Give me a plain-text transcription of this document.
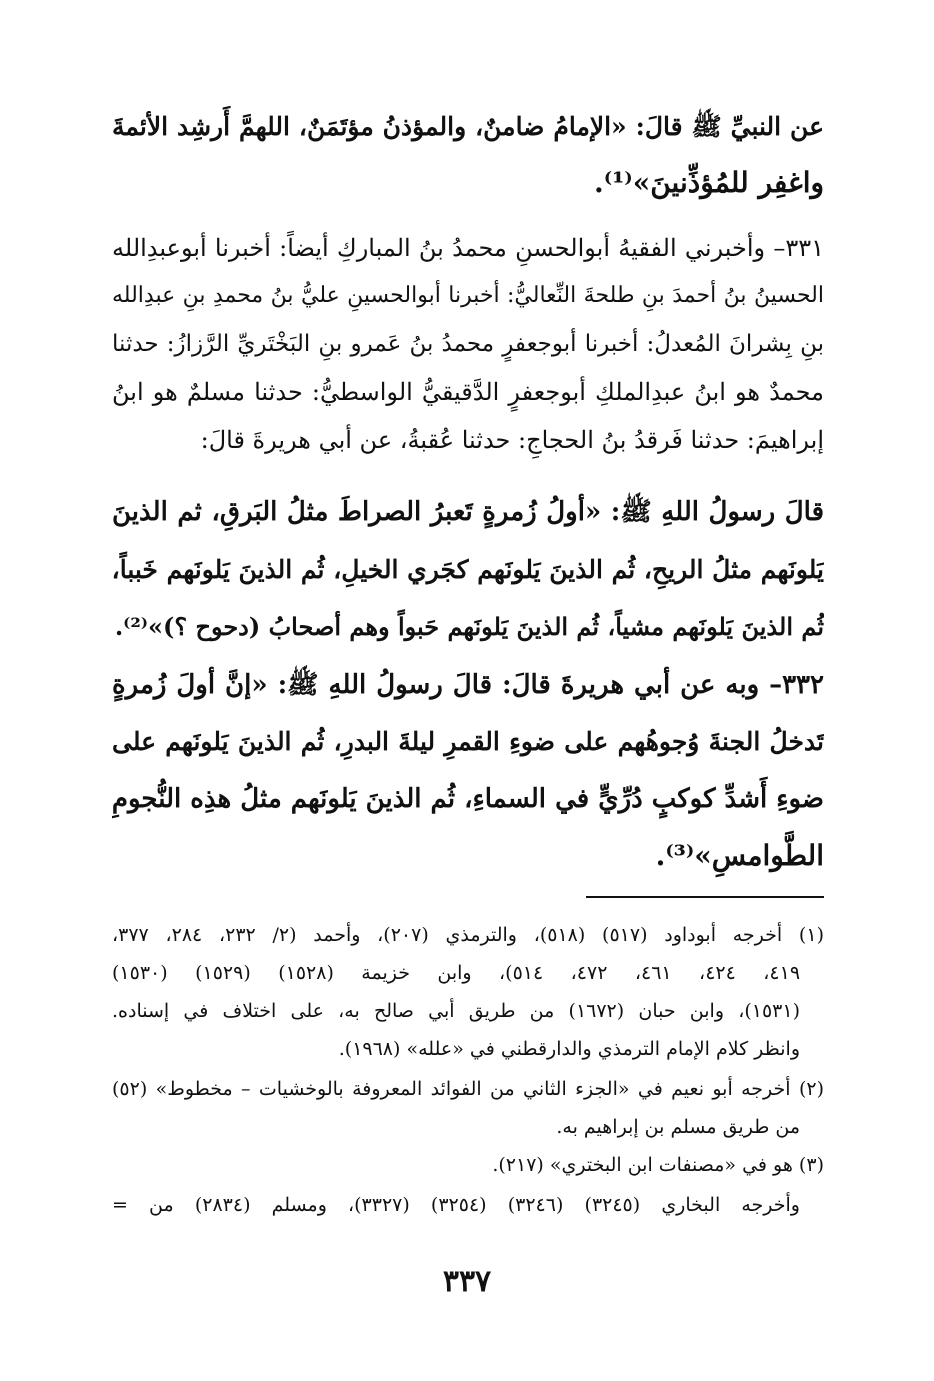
عن النبيِّ ﷺ قالَ: «الإمامُ ضامنٌ، والمؤذنُ مؤتَمَنٌ، اللهمَّ أَرشِد الأئمةَ
واغفِر للمُؤذِّنينَ»⁽¹⁾.
٣٣١– وأخبرني الفقيهُ أبوالحسنِ محمدُ بنُ المباركِ أيضاً: أخبرنا أبوعبدِالله
الحسينُ بنُ أحمدَ بنِ طلحةَ النِّعاليُّ: أخبرنا أبوالحسينِ عليُّ بنُ محمدِ بنِ عبدِالله
بنِ بِشرانَ المُعدلُ: أخبرنا أبوجعفرٍ محمدُ بنُ عَمرو بنِ البَخْتَريِّ الرَّزازُ: حدثنا
محمدٌ هو ابنُ عبدِالملكِ أبوجعفرٍ الدَّقيقيُّ الواسطيُّ: حدثنا مسلمٌ هو ابنُ
إبراهيمَ: حدثنا فَرقدُ بنُ الحجاجِ: حدثنا عُقبةُ، عن أبي هريرةَ قالَ:
قالَ رسولُ اللهِ ﷺ: «أولُ زُمرةٍ تَعبرُ الصراطَ مثلُ البَرقِ، ثم الذينَ
يَلونَهم مثلُ الريحِ، ثُم الذينَ يَلونَهم كجَري الخيلِ، ثُم الذينَ يَلونَهم خَبباً،
ثُم الذينَ يَلونَهم مشياً، ثُم الذينَ يَلونَهم حَبواً وهم أصحابُ (دحوح ؟)»⁽²⁾.
٣٣٢– وبه عن أبي هريرةَ قالَ: قالَ رسولُ اللهِ ﷺ: «إنَّ أولَ زُمرةٍ
تَدخلُ الجنةَ وُجوهُهم على ضوءِ القمرِ ليلةَ البدرِ، ثُم الذينَ يَلونَهم على
ضوءِ أَشدِّ كوكبٍ دُرِّيٍّ في السماءِ، ثُم الذينَ يَلونَهم مثلُ هذِه النُّجومِ
الطَّوامسِ»⁽³⁾.
(١) أخرجه أبوداود (٥١٧) (٥١٨)، والترمذي (٢٠٧)، وأحمد (٢/ ٢٣٢، ٢٨٤، ٣٧٧،
٤١٩، ٤٢٤، ٤٦١، ٤٧٢، ٥١٤)، وابن خزيمة (١٥٢٨) (١٥٢٩) (١٥٣٠)
(١٥٣١)، وابن حبان (١٦٧٢) من طريق أبي صالح به، على اختلاف في إسناده.
وانظر كلام الإمام الترمذي والدارقطني في «علله» (١٩٦٨).
(٢) أخرجه أبو نعيم في «الجزء الثاني من الفوائد المعروفة بالوخشيات – مخطوط» (٥٢)
من طريق مسلم بن إبراهيم به.
(٣) هو في «مصنفات ابن البختري» (٢١٧).
وأخرجه البخاري (٣٢٤٥) (٣٢٤٦) (٣٢٥٤) (٣٣٢٧)، ومسلم (٢٨٣٤) من =
٣٣٧
